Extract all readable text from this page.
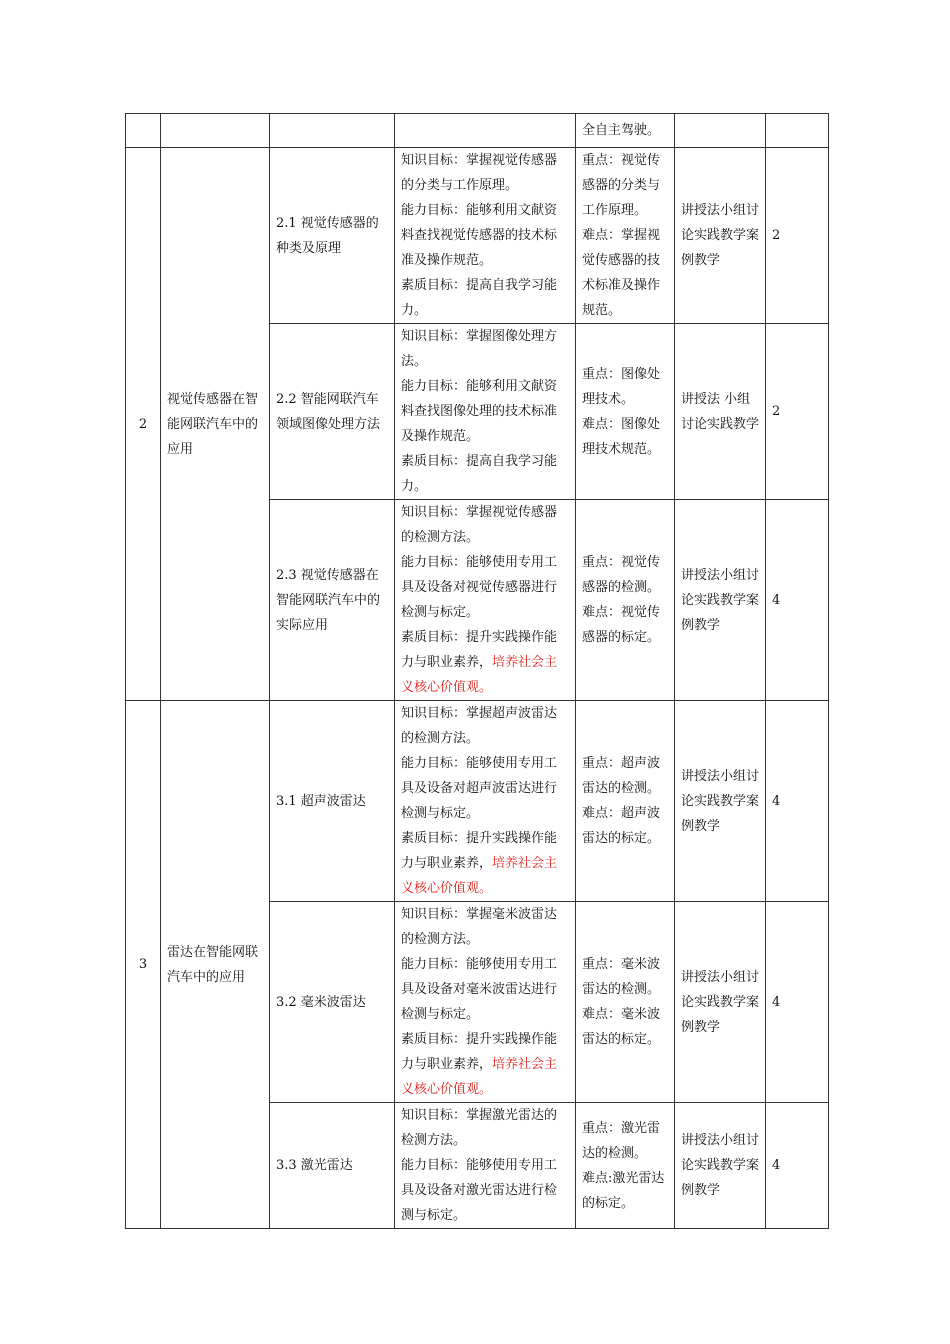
				全自主驾驶。		
2	视觉传感器在智能网联汽车中的应用	2.1 视觉传感器的种类及原理	知识目标：掌握视觉传感器的分类与工作原理。
能力目标：能够利用文献资料查找视觉传感器的技术标准及操作规范。
素质目标：提高自我学习能力。	重点：视觉传感器的分类与工作原理。
难点：掌握视觉传感器的技术标准及操作规范。	讲授法小组讨论实践教学案例教学	2
		2.2 智能网联汽车领域图像处理方法	知识目标：掌握图像处理方法。
能力目标：能够利用文献资料查找图像处理的技术标准及操作规范。
素质目标：提高自我学习能力。	重点：图像处理技术。
难点：图像处理技术规范。	讲授法 小组讨论实践教学	2
		2.3 视觉传感器在智能网联汽车中的实际应用	知识目标：掌握视觉传感器的检测方法。
能力目标：能够使用专用工具及设备对视觉传感器进行检测与标定。
素质目标：提升实践操作能力与职业素养，培养社会主义核心价值观。	重点：视觉传感器的检测。
难点：视觉传感器的标定。	讲授法小组讨论实践教学案例教学	4
3	雷达在智能网联汽车中的应用	3.1 超声波雷达	知识目标：掌握超声波雷达的检测方法。
能力目标：能够使用专用工具及设备对超声波雷达进行检测与标定。
素质目标：提升实践操作能力与职业素养，培养社会主义核心价值观。	重点：超声波雷达的检测。
难点：超声波雷达的标定。	讲授法小组讨论实践教学案例教学	4
		3.2 毫米波雷达	知识目标：掌握毫米波雷达的检测方法。
能力目标：能够使用专用工具及设备对毫米波雷达进行检测与标定。
素质目标：提升实践操作能力与职业素养，培养社会主义核心价值观。	重点：毫米波雷达的检测。
难点：毫米波雷达的标定。	讲授法小组讨论实践教学案例教学	4
		3.3 激光雷达	知识目标：掌握激光雷达的检测方法。
能力目标：能够使用专用工具及设备对激光雷达进行检测与标定。	重点：激光雷达的检测。
难点:激光雷达的标定。	讲授法小组讨论实践教学案例教学	4
